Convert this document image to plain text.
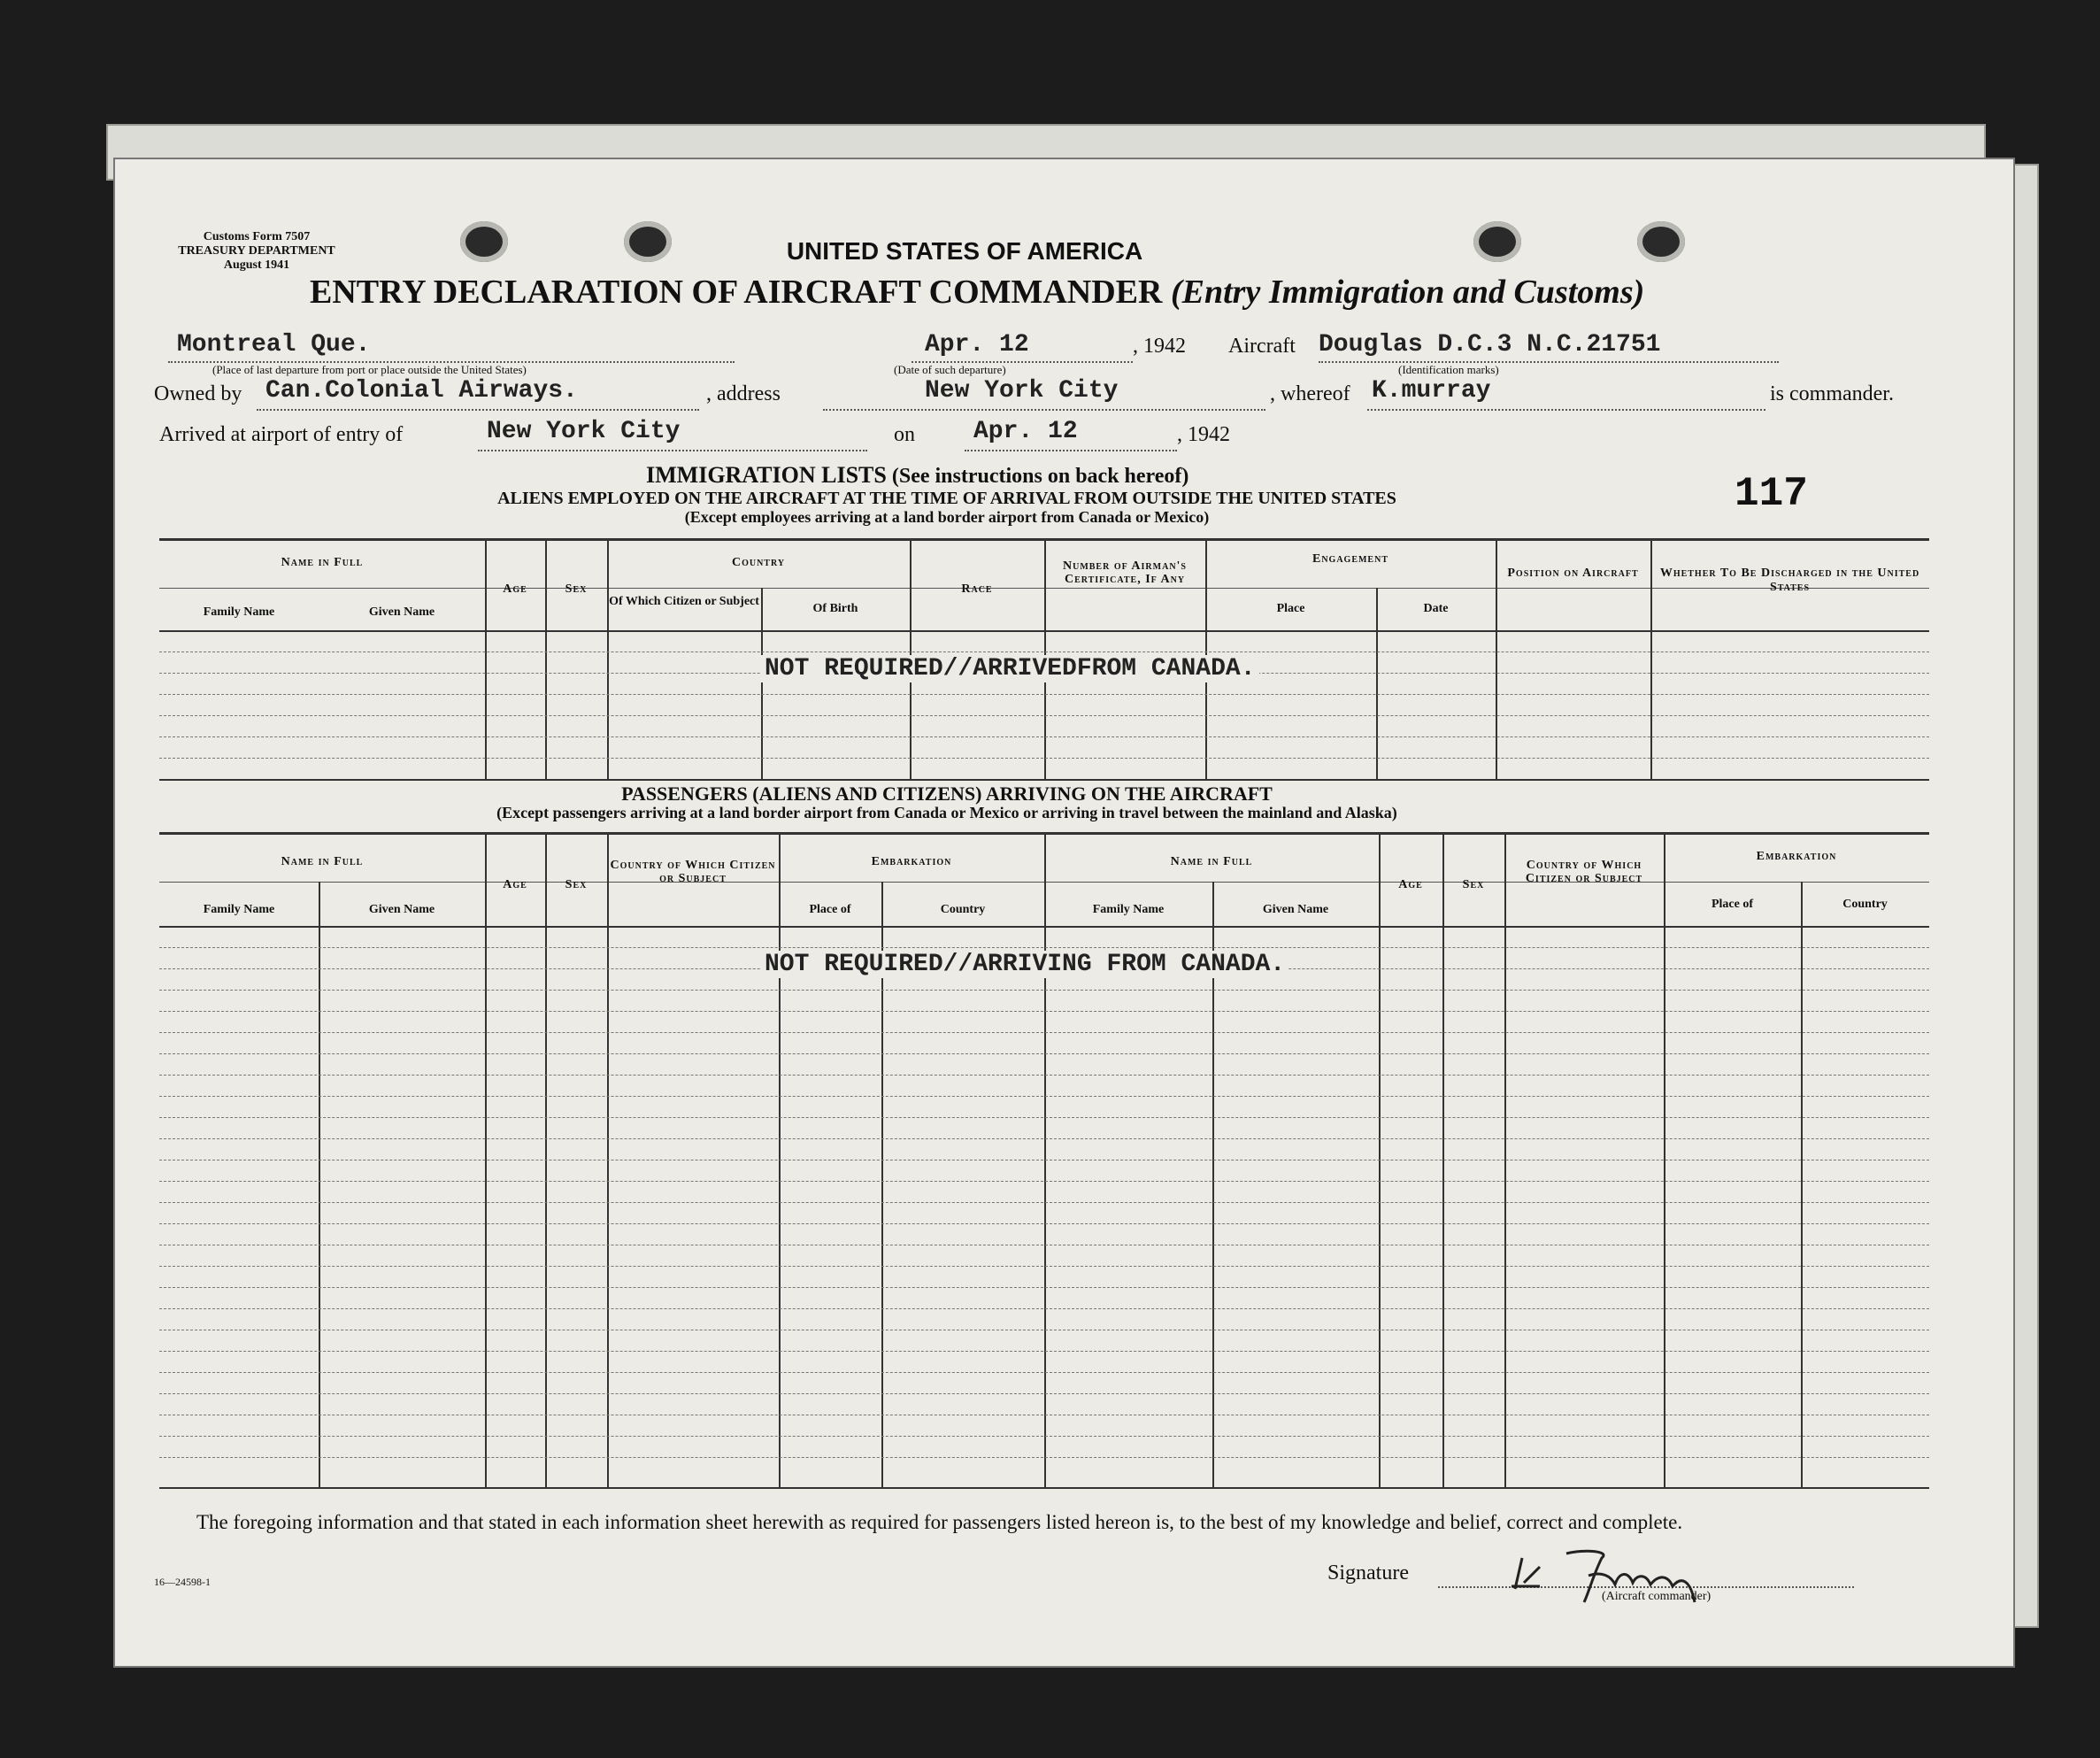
Customs Form 7507
TREASURY DEPARTMENT
August 1941
UNITED STATES OF AMERICA
ENTRY DECLARATION OF AIRCRAFT COMMANDER (Entry Immigration and Customs)
Montreal Que.
(Place of last departure from port or place outside the United States)
Apr. 12	, 1942
(Date of such departure)
Aircraft Douglas D.C.3 N.C.21751
(Identification marks)
Owned by Can.Colonial Airways.	, address	New York City	, whereof K.murray	is commander.
Arrived at airport of entry of	New York City	on Apr. 12	, 1942
IMMIGRATION LISTS (See instructions on back hereof)
ALIENS EMPLOYED ON THE AIRCRAFT AT THE TIME OF ARRIVAL FROM OUTSIDE THE UNITED STATES
(Except employees arriving at a land border airport from Canada or Mexico)	117
Name in Full
Family Name	Given Name
Age	Sex
Country
Of Which Citizen or Subject
Of Birth
Race
Number of Airman's Certificate, If Any
Engagement
Place	Date
Position on Aircraft	Whether To Be Discharged in the United States
NOT REQUIRED//ARRIVEDFROM CANADA.
PASSENGERS (ALIENS AND CITIZENS) ARRIVING ON THE AIRCRAFT
(Except passengers arriving at a land border airport from Canada or Mexico or arriving in travel between the mainland and Alaska)
Name in Full
Family Name	Given Name
Age	Sex
Country of Which Citizen or Subject
Embarkation
Place of	Country
Name in Full
Family Name	Given Name
Age	Sex
Country of Which Citizen or Subject
Embarkation
Place of	Country
NOT REQUIRED//ARRIVING FROM CANADA.
The foregoing information and that stated in each information sheet herewith as required for passengers listed hereon is, to the best of my knowledge and belief, correct and complete.
Signature
(Aircraft commander)
16—24598-1
